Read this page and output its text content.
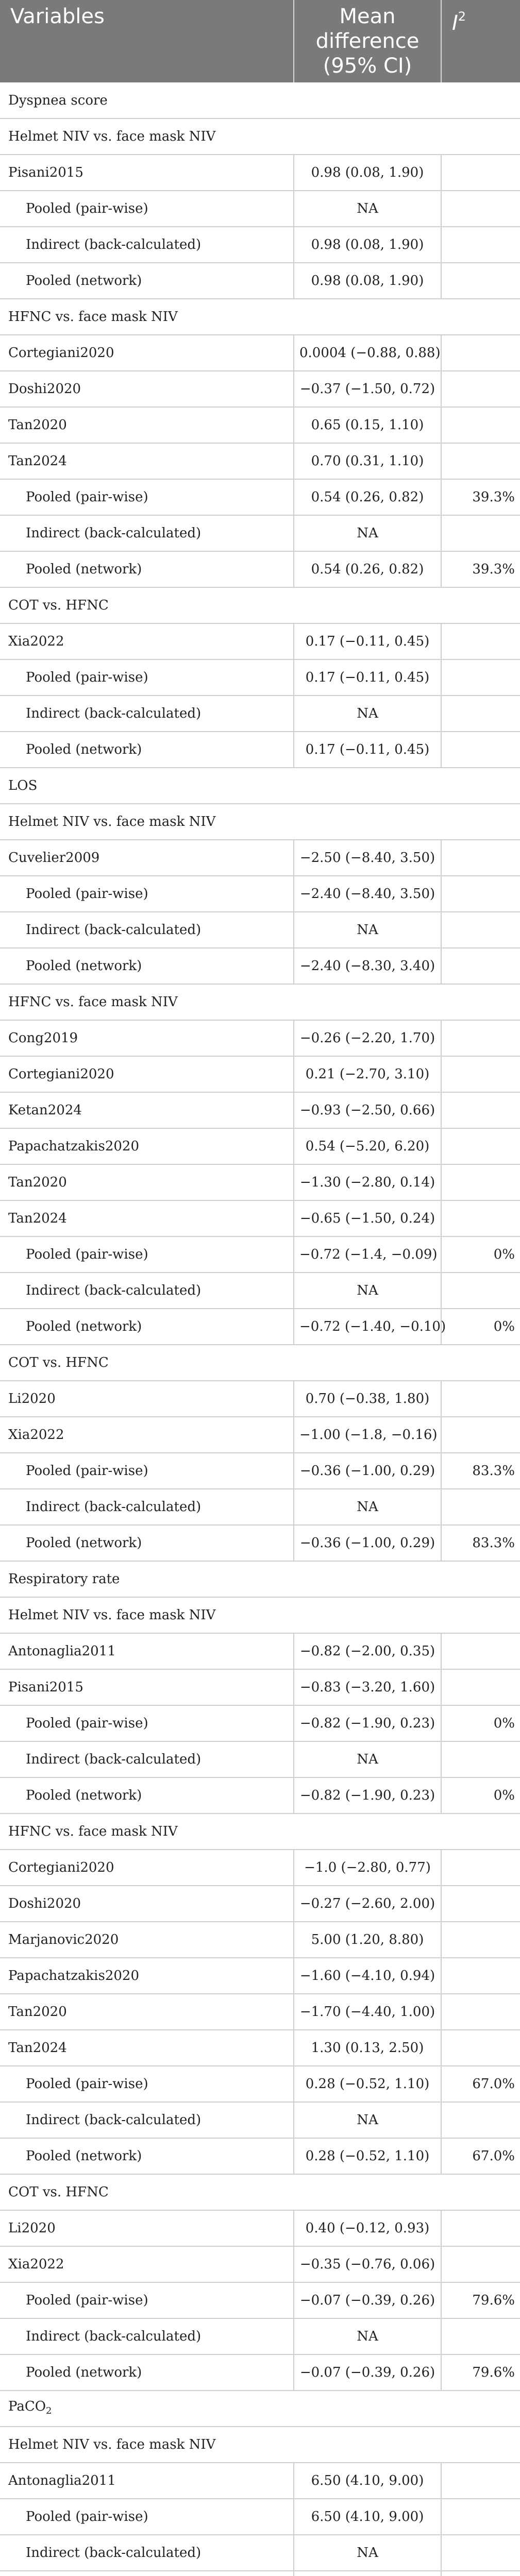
Variables	Mean difference (95% CI)	$I^2$
Dyspnea score		
Helmet NIV vs. face mask NIV		
Pisani2015	0.98 (0.08, 1.90)	
Pooled (pair-wise)	NA	
Indirect (back-calculated)	0.98 (0.08, 1.90)	
Pooled (network)	0.98 (0.08, 1.90)	
HFNC vs. face mask NIV		
Cortegiani2020	0.0004 (−0.88, 0.88)	
Doshi2020	−0.37 (−1.50, 0.72)	
Tan2020	0.65 (0.15, 1.10)	
Tan2024	0.70 (0.31, 1.10)	
Pooled (pair-wise)	0.54 (0.26, 0.82)	39.3%
Indirect (back-calculated)	NA	
Pooled (network)	0.54 (0.26, 0.82)	39.3%
COT vs. HFNC		
Xia2022	0.17 (−0.11, 0.45)	
Pooled (pair-wise)	0.17 (−0.11, 0.45)	
Indirect (back-calculated)	NA	
Pooled (network)	0.17 (−0.11, 0.45)	
LOS		
Helmet NIV vs. face mask NIV		
Cuvelier2009	−2.50 (−8.40, 3.50)	
Pooled (pair-wise)	−2.40 (−8.40, 3.50)	
Indirect (back-calculated)	NA	
Pooled (network)	−2.40 (−8.30, 3.40)	
HFNC vs. face mask NIV		
Cong2019	−0.26 (−2.20, 1.70)	
Cortegiani2020	0.21 (−2.70, 3.10)	
Ketan2024	−0.93 (−2.50, 0.66)	
Papachatzakis2020	0.54 (−5.20, 6.20)	
Tan2020	−1.30 (−2.80, 0.14)	
Tan2024	−0.65 (−1.50, 0.24)	
Pooled (pair-wise)	−0.72 (−1.4, −0.09)	0%
Indirect (back-calculated)	NA	
Pooled (network)	−0.72 (−1.40, −0.10)	0%
COT vs. HFNC		
Li2020	0.70 (−0.38, 1.80)	
Xia2022	−1.00 (−1.8, −0.16)	
Pooled (pair-wise)	−0.36 (−1.00, 0.29)	83.3%
Indirect (back-calculated)	NA	
Pooled (network)	−0.36 (−1.00, 0.29)	83.3%
Respiratory rate		
Helmet NIV vs. face mask NIV		
Antonaglia2011	−0.82 (−2.00, 0.35)	
Pisani2015	−0.83 (−3.20, 1.60)	
Pooled (pair-wise)	−0.82 (−1.90, 0.23)	0%
Indirect (back-calculated)	NA	
Pooled (network)	−0.82 (−1.90, 0.23)	0%
HFNC vs. face mask NIV		
Cortegiani2020	−1.0 (−2.80, 0.77)	
Doshi2020	−0.27 (−2.60, 2.00)	
Marjanovic2020	5.00 (1.20, 8.80)	
Papachatzakis2020	−1.60 (−4.10, 0.94)	
Tan2020	−1.70 (−4.40, 1.00)	
Tan2024	1.30 (0.13, 2.50)	
Pooled (pair-wise)	0.28 (−0.52, 1.10)	67.0%
Indirect (back-calculated)	NA	
Pooled (network)	0.28 (−0.52, 1.10)	67.0%
COT vs. HFNC		
Li2020	0.40 (−0.12, 0.93)	
Xia2022	−0.35 (−0.76, 0.06)	
Pooled (pair-wise)	−0.07 (−0.39, 0.26)	79.6%
Indirect (back-calculated)	NA	
Pooled (network)	−0.07 (−0.39, 0.26)	79.6%
PaCO$_2$
Helmet NIV vs. face mask NIV		
Antonaglia2011	6.50 (4.10, 9.00)	
Pooled (pair-wise)	6.50 (4.10, 9.00)	
Indirect (back-calculated)	NA	
